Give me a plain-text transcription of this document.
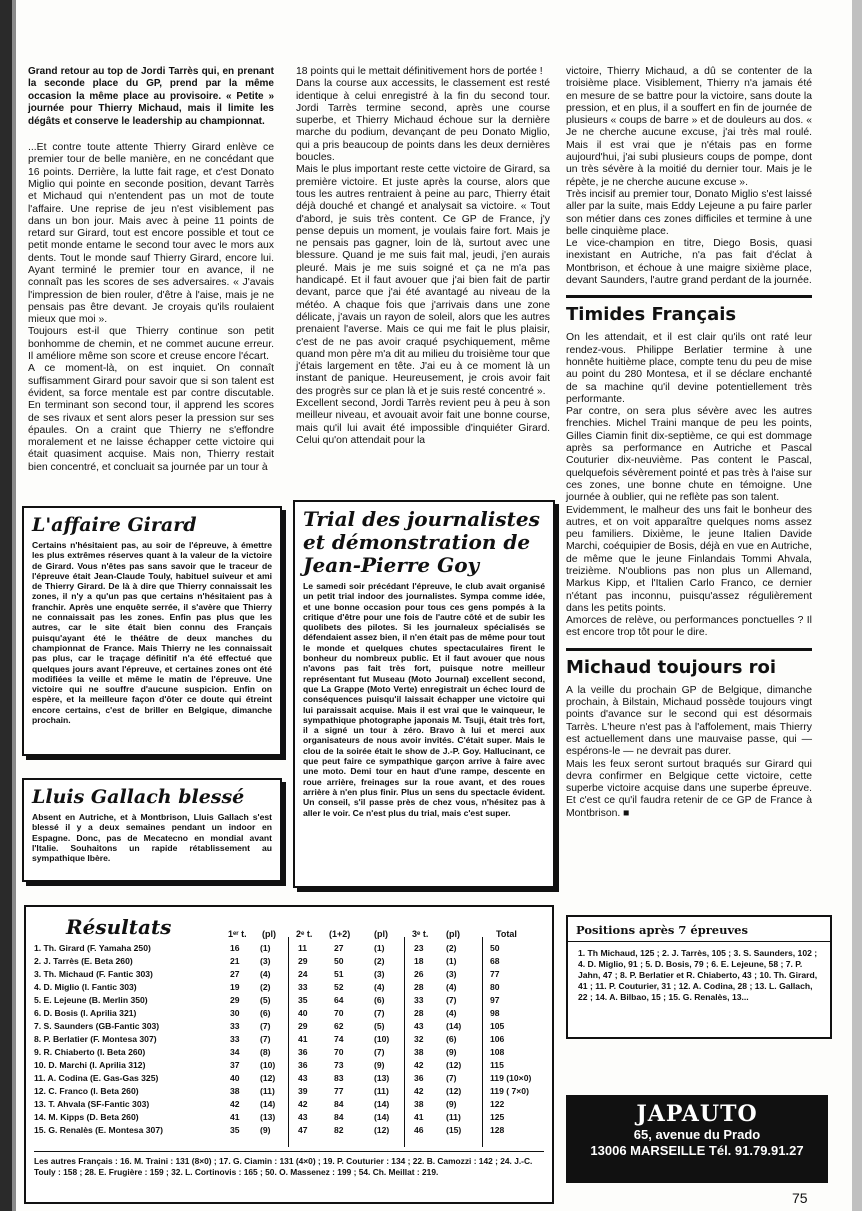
Grand retour au top de Jordi Tarrès qui, en prenant la seconde place du GP, prend par la même occasion la même place au provisoire. « Petite » journée pour Thierry Michaud, mais il limite les dégâts et conserve le leadership au championnat.

...Et contre toute attente Thierry Girard enlève ce premier tour de belle manière, en ne concédant que 16 points. Derrière, la lutte fait rage, et c'est Donato Miglio qui pointe en seconde position, devant Tarrès et Michaud qui n'entendent pas un mot de toute l'affaire. Une reprise de jeu n'est visiblement pas dans un bon jour. Mais avec à peine 11 points de retard sur Girard, tout est encore possible et tout ce petit monde entame le second tour avec le mors aux dents. Tout le monde sauf Thierry Girard, encore lui. Ayant terminé le premier tour en avance, il ne connaît pas les scores de ses adversaires. « J'avais l'impression de bien rouler, d'être à l'aise, mais je ne pensais pas être devant. Je croyais qu'ils roulaient mieux que moi ».

Toujours est-il que Thierry continue son petit bonhomme de chemin, et ne commet aucune erreur. Il améliore même son score et creuse encore l'écart.

A ce moment-là, on est inquiet. On connaît suffisamment Girard pour savoir que si son talent est évident, sa force mentale est par contre discutable. En terminant son second tour, il apprend les scores de ses rivaux et sent alors peser la pression sur ses épaules. On a craint que Thierry ne s'effondre moralement et ne laisse échapper cette victoire qui était quasiment acquise. Mais non, Thierry restait bien concentré, et concluait sa journée par un tour à

18 points qui le mettait définitivement hors de portée !

Dans la course aux accessits, le classement est resté identique à celui enregistré à la fin du second tour. Jordi Tarrès termine second, après une course superbe, et Thierry Michaud échoue sur la dernière marche du podium, devançant de peu Donato Miglio, qui a pris beaucoup de points dans les deux dernières boucles.

Mais le plus important reste cette victoire de Girard, sa première victoire. Et juste après la course, alors que tous les autres rentraient à peine au parc, Thierry était déjà douché et changé et analysait sa victoire. « Tout d'abord, je suis très content. Ce GP de France, j'y pense depuis un moment, je voulais faire fort. Mais je ne pensais pas gagner, loin de là, surtout avec une blessure. Quand je me suis fait mal, jeudi, j'en aurais pleuré. Mais je me suis soigné et ça ne m'a pas handicapé. Et il faut avouer que j'ai bien fait de partir devant, parce que j'ai été avantagé au niveau de la météo. A chaque fois que j'arrivais dans une zone délicate, j'avais un rayon de soleil, alors que les autres prenaient l'averse. Mais ce qui me fait le plus plaisir, c'est de ne pas avoir craqué psychiquement, même quand mon père m'a dit au milieu du troisième tour que j'étais largement en tête. J'ai eu à ce moment là un instant de panique. Heureusement, je crois avoir fait des progrès sur ce plan là et je suis resté concentré ».

Excellent second, Jordi Tarrès revient peu à peu à son meilleur niveau, et avouait avoir fait une bonne course, mais qu'il lui avait été impossible d'inquiéter Girard. Celui qu'on attendait pour la

victoire, Thierry Michaud, a dû se contenter de la troisième place. Visiblement, Thierry n'a jamais été en mesure de se battre pour la victoire, sans doute la pression, et en plus, il a souffert en fin de journée de plusieurs « coups de barre » et de douleurs au dos. « Je ne cherche aucune excuse, j'ai très mal roulé. Mais il est vrai que je n'étais pas en forme aujourd'hui, j'ai subi plusieurs coups de pompe, dont un très sévère à la moitié du dernier tour. Mais je le répète, je ne cherche aucune excuse ».

Très incisif au premier tour, Donato Miglio s'est laissé aller par la suite, mais Eddy Lejeune a pu faire parler son métier dans ces zones difficiles et termine à une belle cinquième place.

Le vice-champion en titre, Diego Bosis, quasi inexistant en Autriche, n'a pas fait d'éclat à Montbrison, et échoue à une maigre sixième place, devant Saunders, l'autre grand perdant de la journée.

Timides Français

On les attendait, et il est clair qu'ils ont raté leur rendez-vous. Philippe Berlatier termine à une honnête huitième place, compte tenu du peu de mise au point du 280 Montesa, et il se déclare enchanté de sa machine qu'il devine potentiellement très performante.

Par contre, on sera plus sévère avec les autres frenchies. Michel Traini manque de peu les points, Gilles Ciamin finit dix-septième, ce qui est dommage après sa performance en Autriche et Pascal Couturier dix-neuvième. Pas content le Pascal, quelquefois sévèrement pointé et pas très à l'aise sur ces zones, une bonne chute en témoigne. Une journée à oublier, qui ne reflète pas son talent.

Evidemment, le malheur des uns fait le bonheur des autres, et on voit apparaître quelques noms assez peu familiers. Dixième, le jeune Italien Davide Marchi, coéquipier de Bosis, déjà en vue en Autriche, de même que le jeune Finlandais Tommi Ahvala, treizième. N'oublions pas non plus un Allemand, Markus Kipp, et l'Italien Carlo Franco, ce dernier n'étant pas inconnu, puisqu'assez régulièrement dans les petits points.

Amorces de relève, ou performances ponctuelles ? Il est encore trop tôt pour le dire.

Michaud toujours roi

A la veille du prochain GP de Belgique, dimanche prochain, à Bilstain, Michaud possède toujours vingt points d'avance sur le second qui est désormais Tarrès. L'heure n'est pas à l'affolement, mais Thierry est actuellement dans une mauvaise passe, qui — espérons-le — ne devrait pas durer.

Mais les feux seront surtout braqués sur Girard qui devra confirmer en Belgique cette victoire, cette superbe victoire acquise dans une superbe épreuve. Et c'est ce qu'il faudra retenir de ce GP de France à Montbrison. ■

L'affaire Girard
Certains n'hésitaient pas, au soir de l'épreuve, à émettre les plus extrêmes réserves quant à la valeur de la victoire de Girard. Vous n'êtes pas sans savoir que le traceur de l'épreuve était Jean-Claude Touly, habituel suiveur et ami de Thierry Girard. De là à dire que Thierry connaissait les zones, il n'y a qu'un pas que certains n'hésitaient pas à franchir. Après une enquête serrée, il s'avère que Thierry ne connaissait pas les zones. Enfin pas plus que les autres, car le site était bien connu des Français puisqu'ayant été le théâtre de deux manches du championnat de France. Mais Thierry ne les connaissait pas plus, car le traçage définitif n'a été effectué que quelques jours avant l'épreuve, et certaines zones ont été modifiées la veille et même le matin de l'épreuve. Une victoire qui ne souffre d'aucune suspicion. Enfin on espère, et la meilleure façon d'ôter ce doute qui étreint encore certains, c'est de briller en Belgique, dimanche prochain.
Lluis Gallach blessé
Absent en Autriche, et à Montbrison, Lluis Gallach s'est blessé il y a deux semaines pendant un indoor en Espagne. Donc, pas de Mecatecno en mondial avant l'Italie. Souhaitons un rapide rétablissement au sympathique Ibère.
Trial des journalistes et démonstration de Jean-Pierre Goy
Le samedi soir précédant l'épreuve, le club avait organisé un petit trial indoor des journalistes. Sympa comme idée, et une bonne occasion pour tous ces gens pompés à la critique d'être pour une fois de l'autre côté et de subir les quolibets des pilotes. Si les journaleux spécialisés se défendaient assez bien, il n'en était pas de même pour tout le monde et quelques chutes spectaculaires firent le bonheur du nombreux public. Et il faut avouer que nous n'avons pas fait très fort, puisque notre meilleur représentant fut Museau (Moto Journal) excellent second, que La Grappe (Moto Verte) enregistrait un échec lourd de conséquences puisqu'il laissait échapper une victoire qui lui paraissait acquise. Mais il est vrai que le vainqueur, le sympathique photographe japonais M. Tsuji, était très fort, il a signé un tour à zéro. Bravo à lui et merci aux organisateurs de nous avoir invités. C'était super. Mais le clou de la soirée était le show de J.-P. Goy. Hallucinant, ce que peut faire ce sympathique garçon arrive à faire avec une moto. Demi tour en haut d'une rampe, descente en roue arrière, freinages sur la roue avant, et des roues arrière à n'en plus finir. Plus un sens du spectacle évident. Un conseil, s'il passe près de chez vous, n'hésitez pas à aller le voir. Ce n'est plus du trial, mais c'est super.
Résultats	1ᵉʳ t. (pl) 2ᵉ t. (1+2)	(pl)	3ᵉ t. (pl)	Total
1. Th. Girard (F. Yamaha 250)	16 (1)	11	27	(1)	23	(2)	50
2. J. Tarrès (E. Beta 260)	21 (3)	29	50	(2)	18	(1)	68
3. Th. Michaud (F. Fantic 303)	27 (4)	24	51	(3)	26	(3)	77
4. D. Miglio (I. Fantic 303)	19 (2)	33	52	(4)	28	(4)	80
5. E. Lejeune (B. Merlin 350)	29 (5)	35	64	(6)	33	(7)	97
6. D. Bosis (I. Aprilia 321)	30 (6)	40	70	(7)	28	(4)	98
7. S. Saunders (GB-Fantic 303)	33 (7)	29	62	(5)	43	(14)	105
8. P. Berlatier (F. Montesa 307)	33 (7)	41	74	(10)	32	(6)	106
9. R. Chiaberto (I. Beta 260)	34 (8)	36	70	(7)	38	(9)	108
10. D. Marchi (I. Aprilia 312)	37 (10)	36	73	(9)	42	(12)	115
11. A. Codina (E. Gas-Gas 325)	40 (12)	43	83	(13)	36	(7)	119 (10×0)
12. C. Franco (I. Beta 260)	38 (11)	39	77	(11)	42	(12)	119 ( 7×0)
13. T. Ahvala (SF-Fantic 303)	42 (14)	42	84	(14)	38	(9)	122
14. M. Kipps (D. Beta 260)	41 (13)	43	84	(14)	41	(11)	125
15. G. Renalès (E. Montesa 307)	35 (9)	47	82	(12)	46	(15)	128
Les autres Français : 16. M. Traini : 131 (8×0) ; 17. G. Ciamin : 131 (4×0) ; 19. P. Couturier : 134 ; 22. B. Camozzi : 142 ; 24. J.-C. Touly : 158 ; 28. E. Frugière : 159 ; 32. L. Cortinovis : 165 ; 50. O. Massenez : 199 ; 54. Ch. Meillat : 219.
Positions après 7 épreuves
1. Th Michaud, 125 ; 2. J. Tarrès, 105 ; 3. S. Saunders, 102 ; 4. D. Miglio, 91 ; 5. D. Bosis, 79 ; 6. E. Lejeune, 58 ; 7. P. Jahn, 47 ; 8. P. Berlatier et R. Chiaberto, 43 ; 10. Th. Girard, 41 ; 11. P. Couturier, 31 ; 12. A. Codina, 28 ; 13. L. Gallach, 22 ; 14. A. Bilbao, 15 ; 15. G. Renalès, 13...
JAPAUTO
65, avenue du Prado
13006 MARSEILLE Tél. 91.79.91.27
75
